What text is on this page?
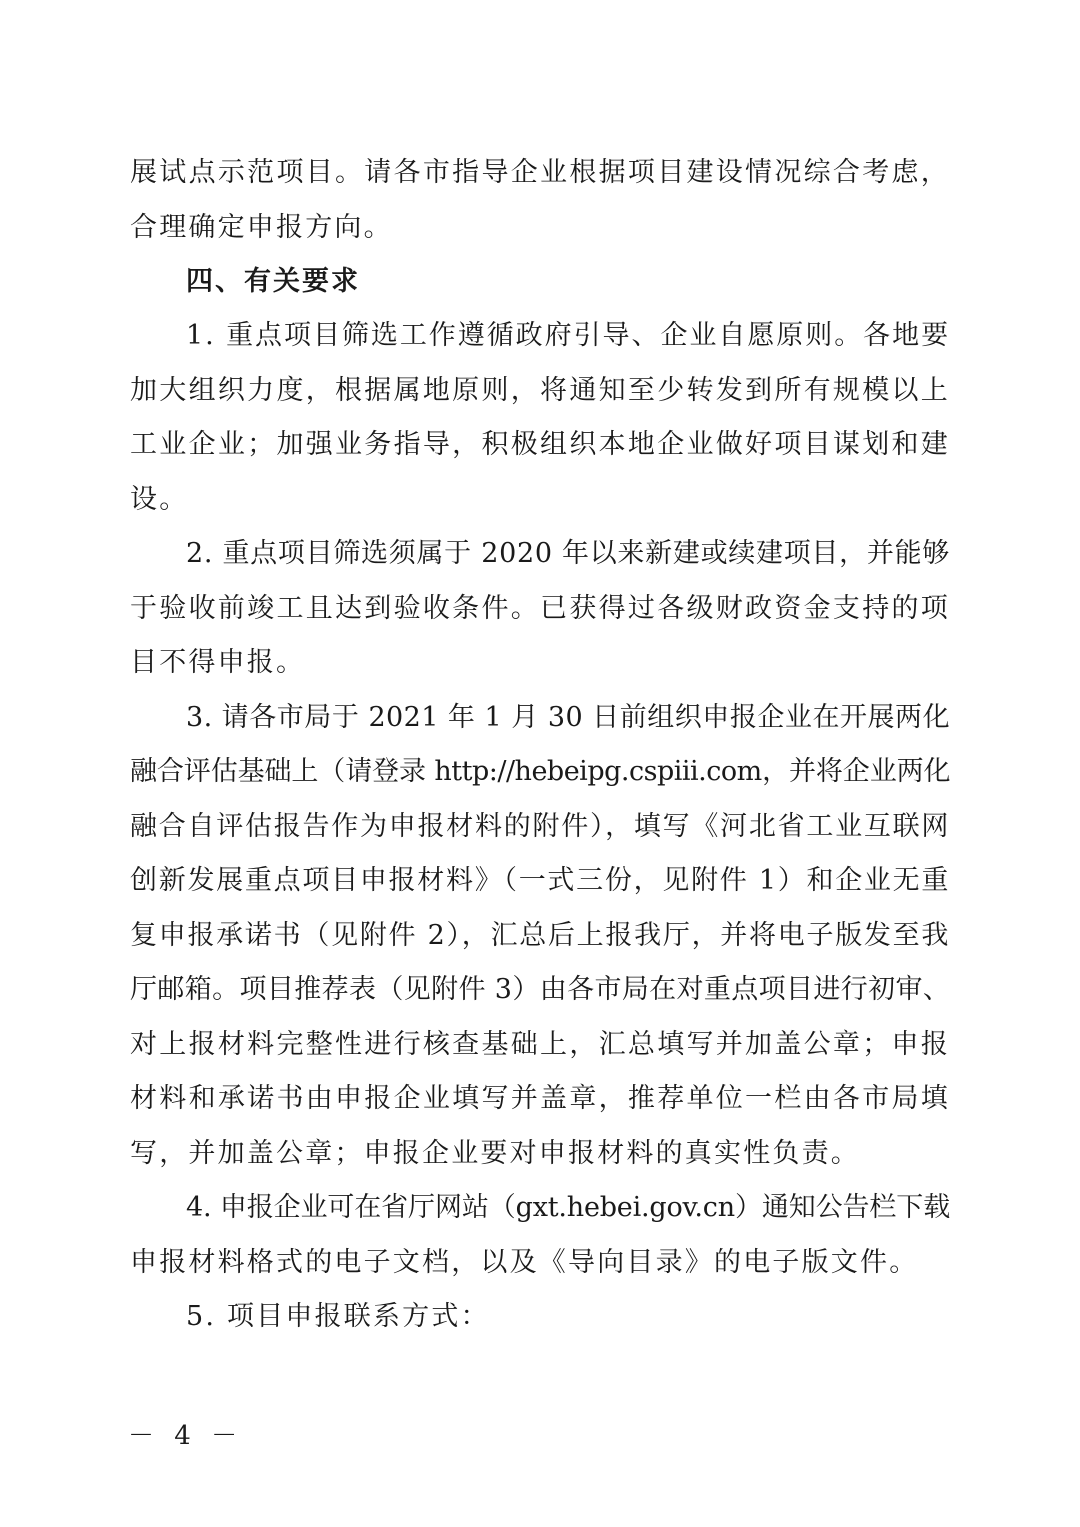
展试点示范项目。请各市指导企业根据项目建设情况综合考虑，
合理确定申报方向。
四、有关要求
1. 重点项目筛选工作遵循政府引导、企业自愿原则。各地要
加大组织力度，根据属地原则，将通知至少转发到所有规模以上
工业企业；加强业务指导，积极组织本地企业做好项目谋划和建
设。
2. 重点项目筛选须属于 2020 年以来新建或续建项目，并能够
于验收前竣工且达到验收条件。已获得过各级财政资金支持的项
目不得申报。
3. 请各市局于 2021 年 1 月 30 日前组织申报企业在开展两化
融合评估基础上（请登录 http://hebeipg.cspiii.com，并将企业两化
融合自评估报告作为申报材料的附件），填写《河北省工业互联网
创新发展重点项目申报材料》（一式三份，见附件 1）和企业无重
复申报承诺书（见附件 2），汇总后上报我厅，并将电子版发至我
厅邮箱。项目推荐表（见附件 3）由各市局在对重点项目进行初审、
对上报材料完整性进行核查基础上，汇总填写并加盖公章；申报
材料和承诺书由申报企业填写并盖章，推荐单位一栏由各市局填
写，并加盖公章；申报企业要对申报材料的真实性负责。
4. 申报企业可在省厅网站（gxt.hebei.gov.cn）通知公告栏下载
申报材料格式的电子文档，以及《导向目录》的电子版文件。
5. 项目申报联系方式：
－ 4 －
